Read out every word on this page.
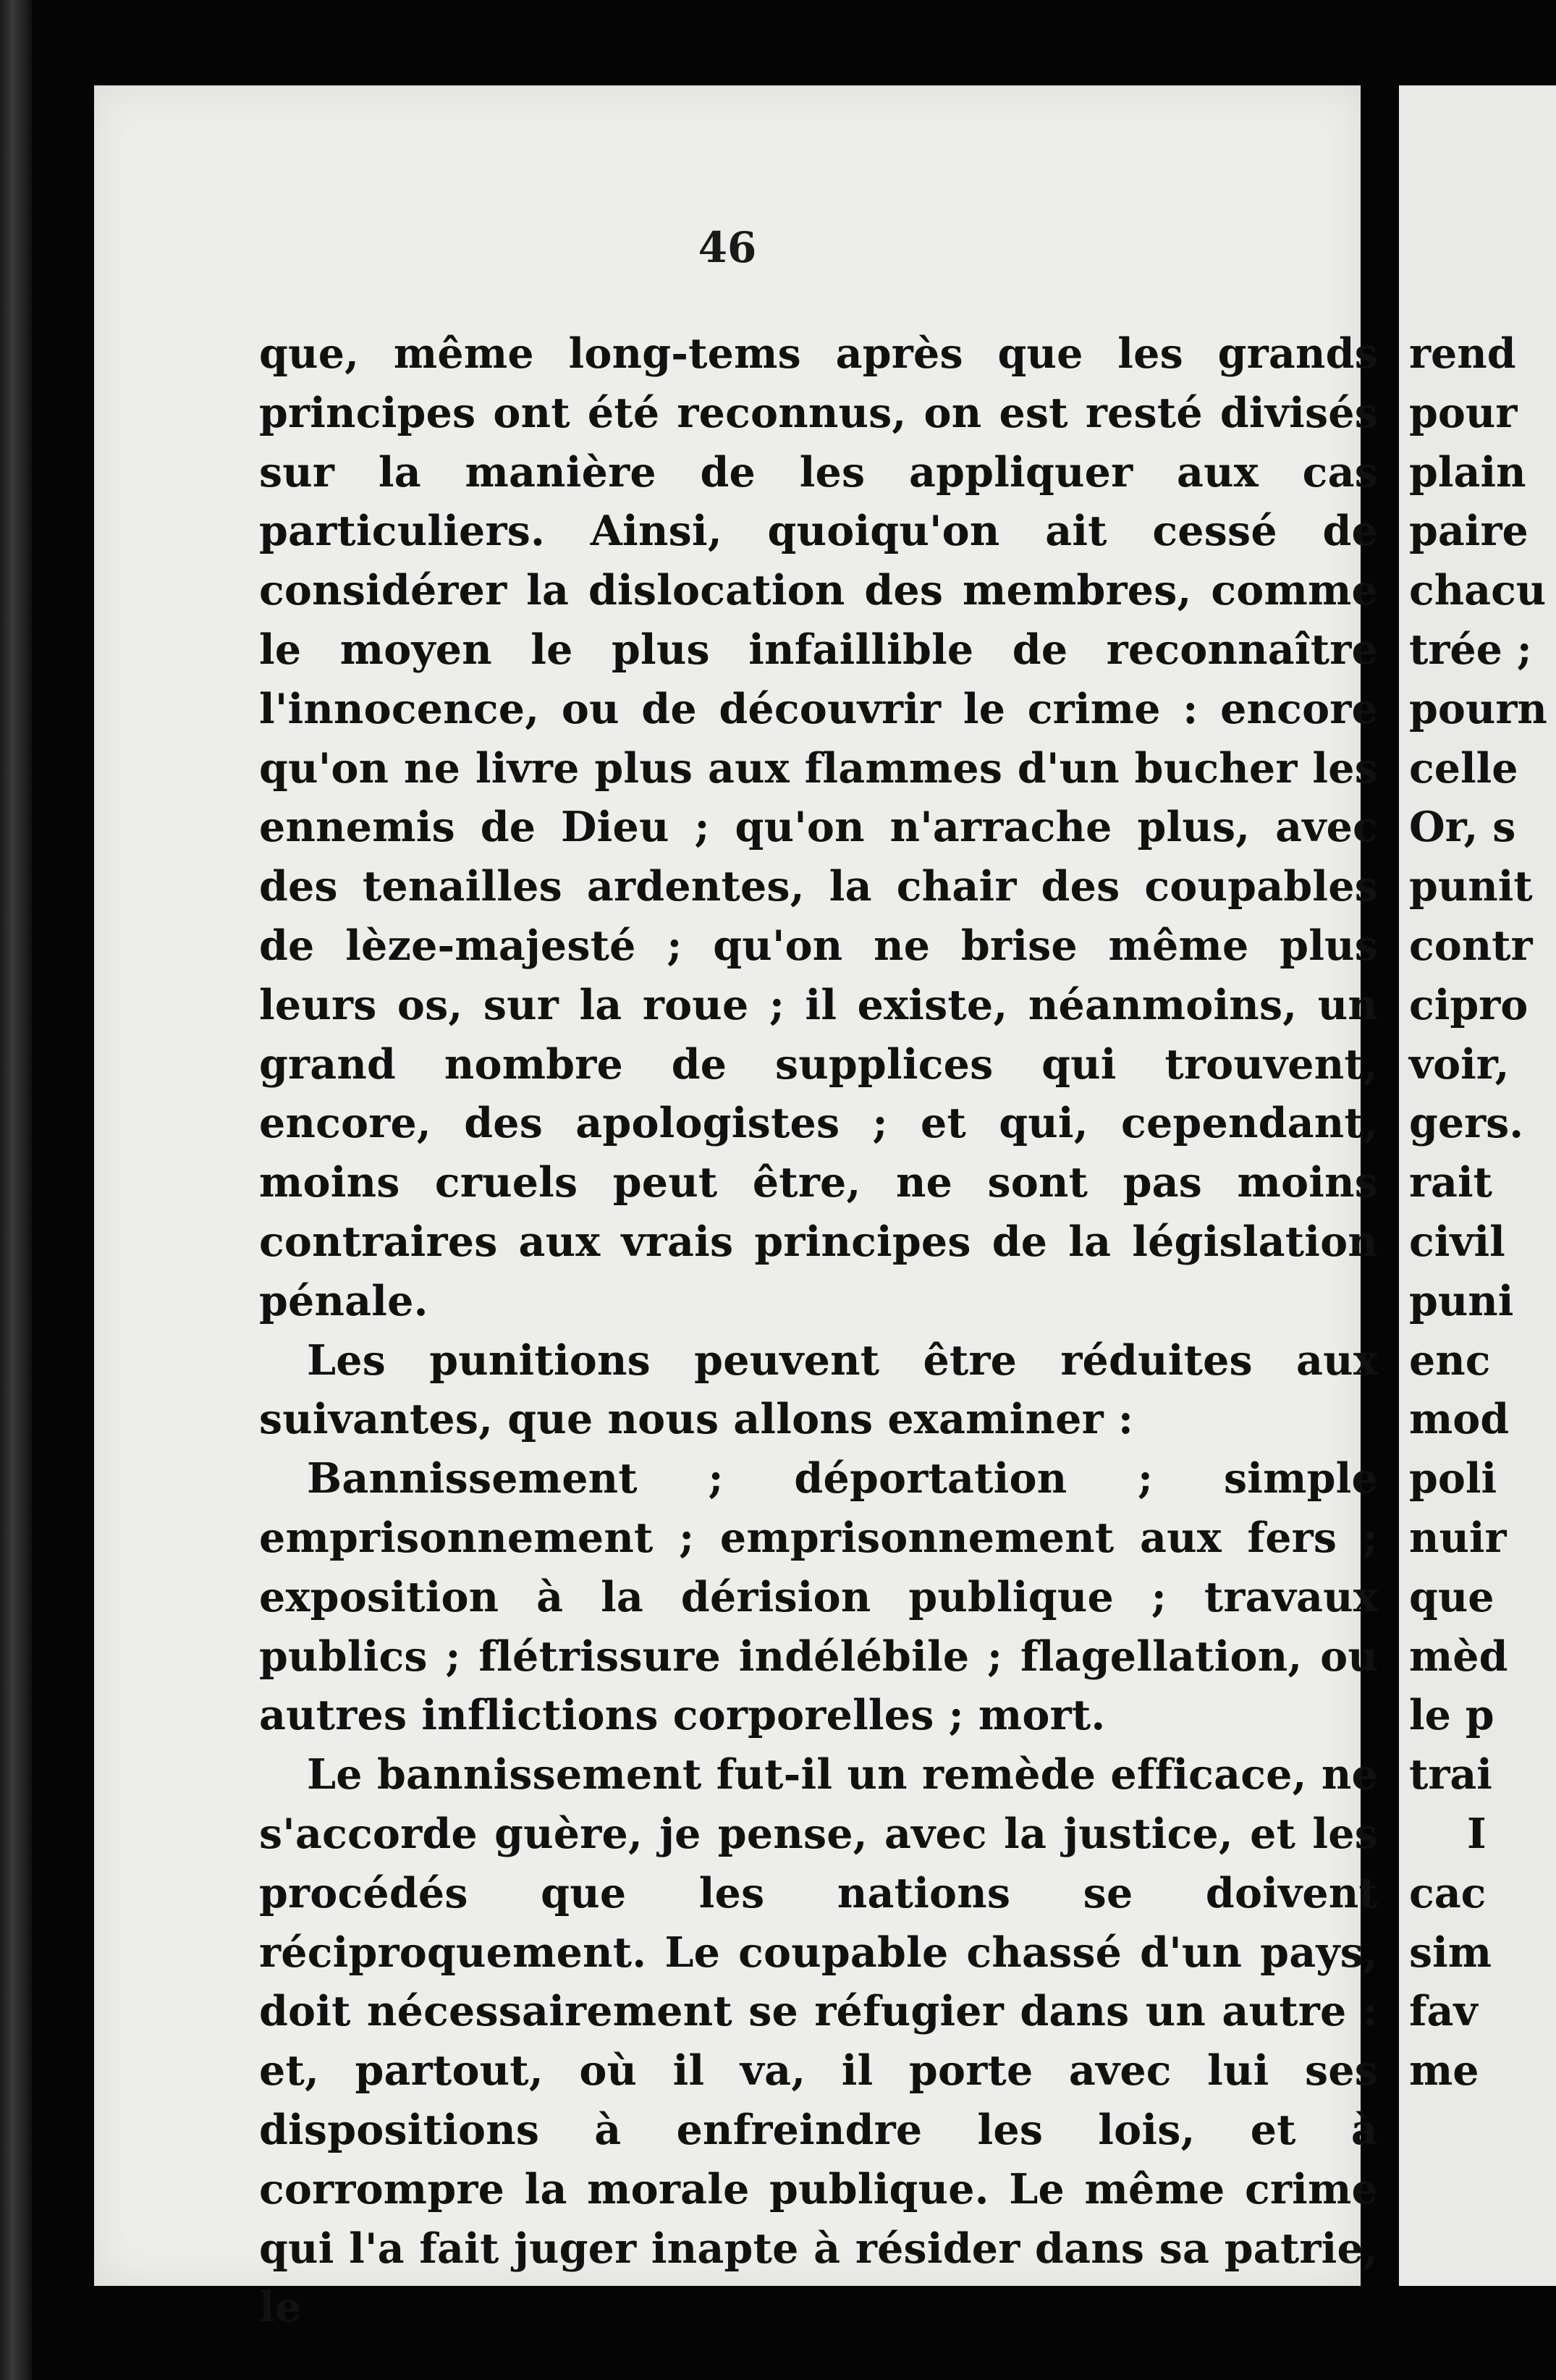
46

que, même long-tems après que les grands principes ont été reconnus, on est resté divisés sur la manière de les appliquer aux cas particuliers. Ainsi, quoiqu'on ait cessé de considérer la dislocation des membres, comme le moyen le plus infaillible de reconnaître l'innocence, ou de découvrir le crime : encore qu'on ne livre plus aux flammes d'un bucher les ennemis de Dieu ; qu'on n'arrache plus, avec des tenailles ardentes, la chair des coupables de lèze-majesté ; qu'on ne brise même plus leurs os, sur la roue ; il existe, néanmoins, un grand nombre de supplices qui trouvent, encore, des apologistes ; et qui, cependant, moins cruels peut être, ne sont pas moins contraires aux vrais principes de la législation pénale.

Les punitions peuvent être réduites aux suivantes, que nous allons examiner :

Bannissement ; déportation ; simple emprisonnement ; emprisonnement aux fers ; exposition à la dérision publique ; travaux publics ; flétrissure indélébile ; flagellation, ou autres inflictions corporelles ; mort.

Le bannissement fut-il un remède efficace, ne s'accorde guère, je pense, avec la justice, et les procédés que les nations se doivent réciproquement. Le coupable chassé d'un pays, doit nécessairement se réfugier dans un autre : et, partout, où il va, il porte avec lui ses dispositions à enfreindre les lois, et à corrompre la morale publique. Le même crime qui l'a fait juger inapte à résider dans sa patrie, le

rend
pour
plain
paire
chacu
trée ;
pourn
celle
Or, s
punit
contr
cipro
voir,
gers.
rait
civil
puni
enc
mod
poli
nuir
que
mèd
le p
trai
I
cac
sim
fav
me
